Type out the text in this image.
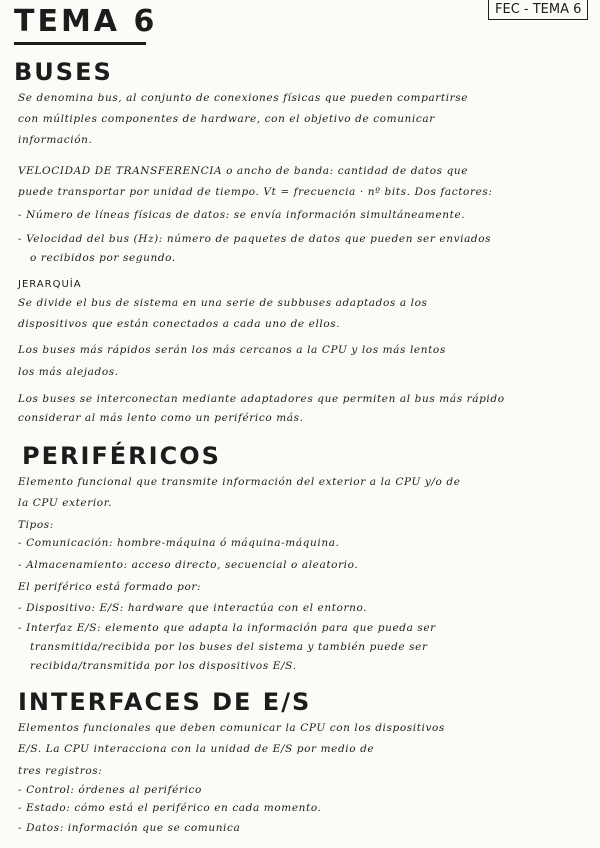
TEMA 6	FEC - TEMA 6
BUSES
Se denomina bus, al conjunto de conexiones físicas que pueden compartirse
con múltiples componentes de hardware, con el objetivo de comunicar
información.
VELOCIDAD DE TRANSFERENCIA o ancho de banda: cantidad de datos que
puede transportar por unidad de tiempo. Vt = frecuencia · nº bits. Dos factores:
- Número de líneas físicas de datos: se envía información simultáneamente.
- Velocidad del bus (Hz): número de paquetes de datos que pueden ser enviados
o recibidos por segundo.
JERARQUÍA
Se divide el bus de sistema en una serie de subbuses adaptados a los
dispositivos que están conectados a cada uno de ellos.
Los buses más rápidos serán los más cercanos a la CPU y los más lentos
los más alejados.
Los buses se interconectan mediante adaptadores que permiten al bus más rápido
considerar al más lento como un periférico más.
PERIFÉRICOS
Elemento funcional que transmite información del exterior a la CPU y/o de
la CPU exterior.
Tipos:
- Comunicación: hombre-máquina ó máquina-máquina.
- Almacenamiento: acceso directo, secuencial o aleatorio.
El periférico está formado por:
- Dispositivo: E/S: hardware que interactúa con el entorno.
- Interfaz E/S: elemento que adapta la información para que pueda ser
transmitida/recibida por los buses del sistema y también puede ser
recibida/transmitida por los dispositivos E/S.
INTERFACES DE E/S
Elementos funcionales que deben comunicar la CPU con los dispositivos
E/S. La CPU interacciona con la unidad de E/S por medio de
tres registros:
- Control: órdenes al periférico
- Estado: cómo está el periférico en cada momento.
- Datos: información que se comunica
